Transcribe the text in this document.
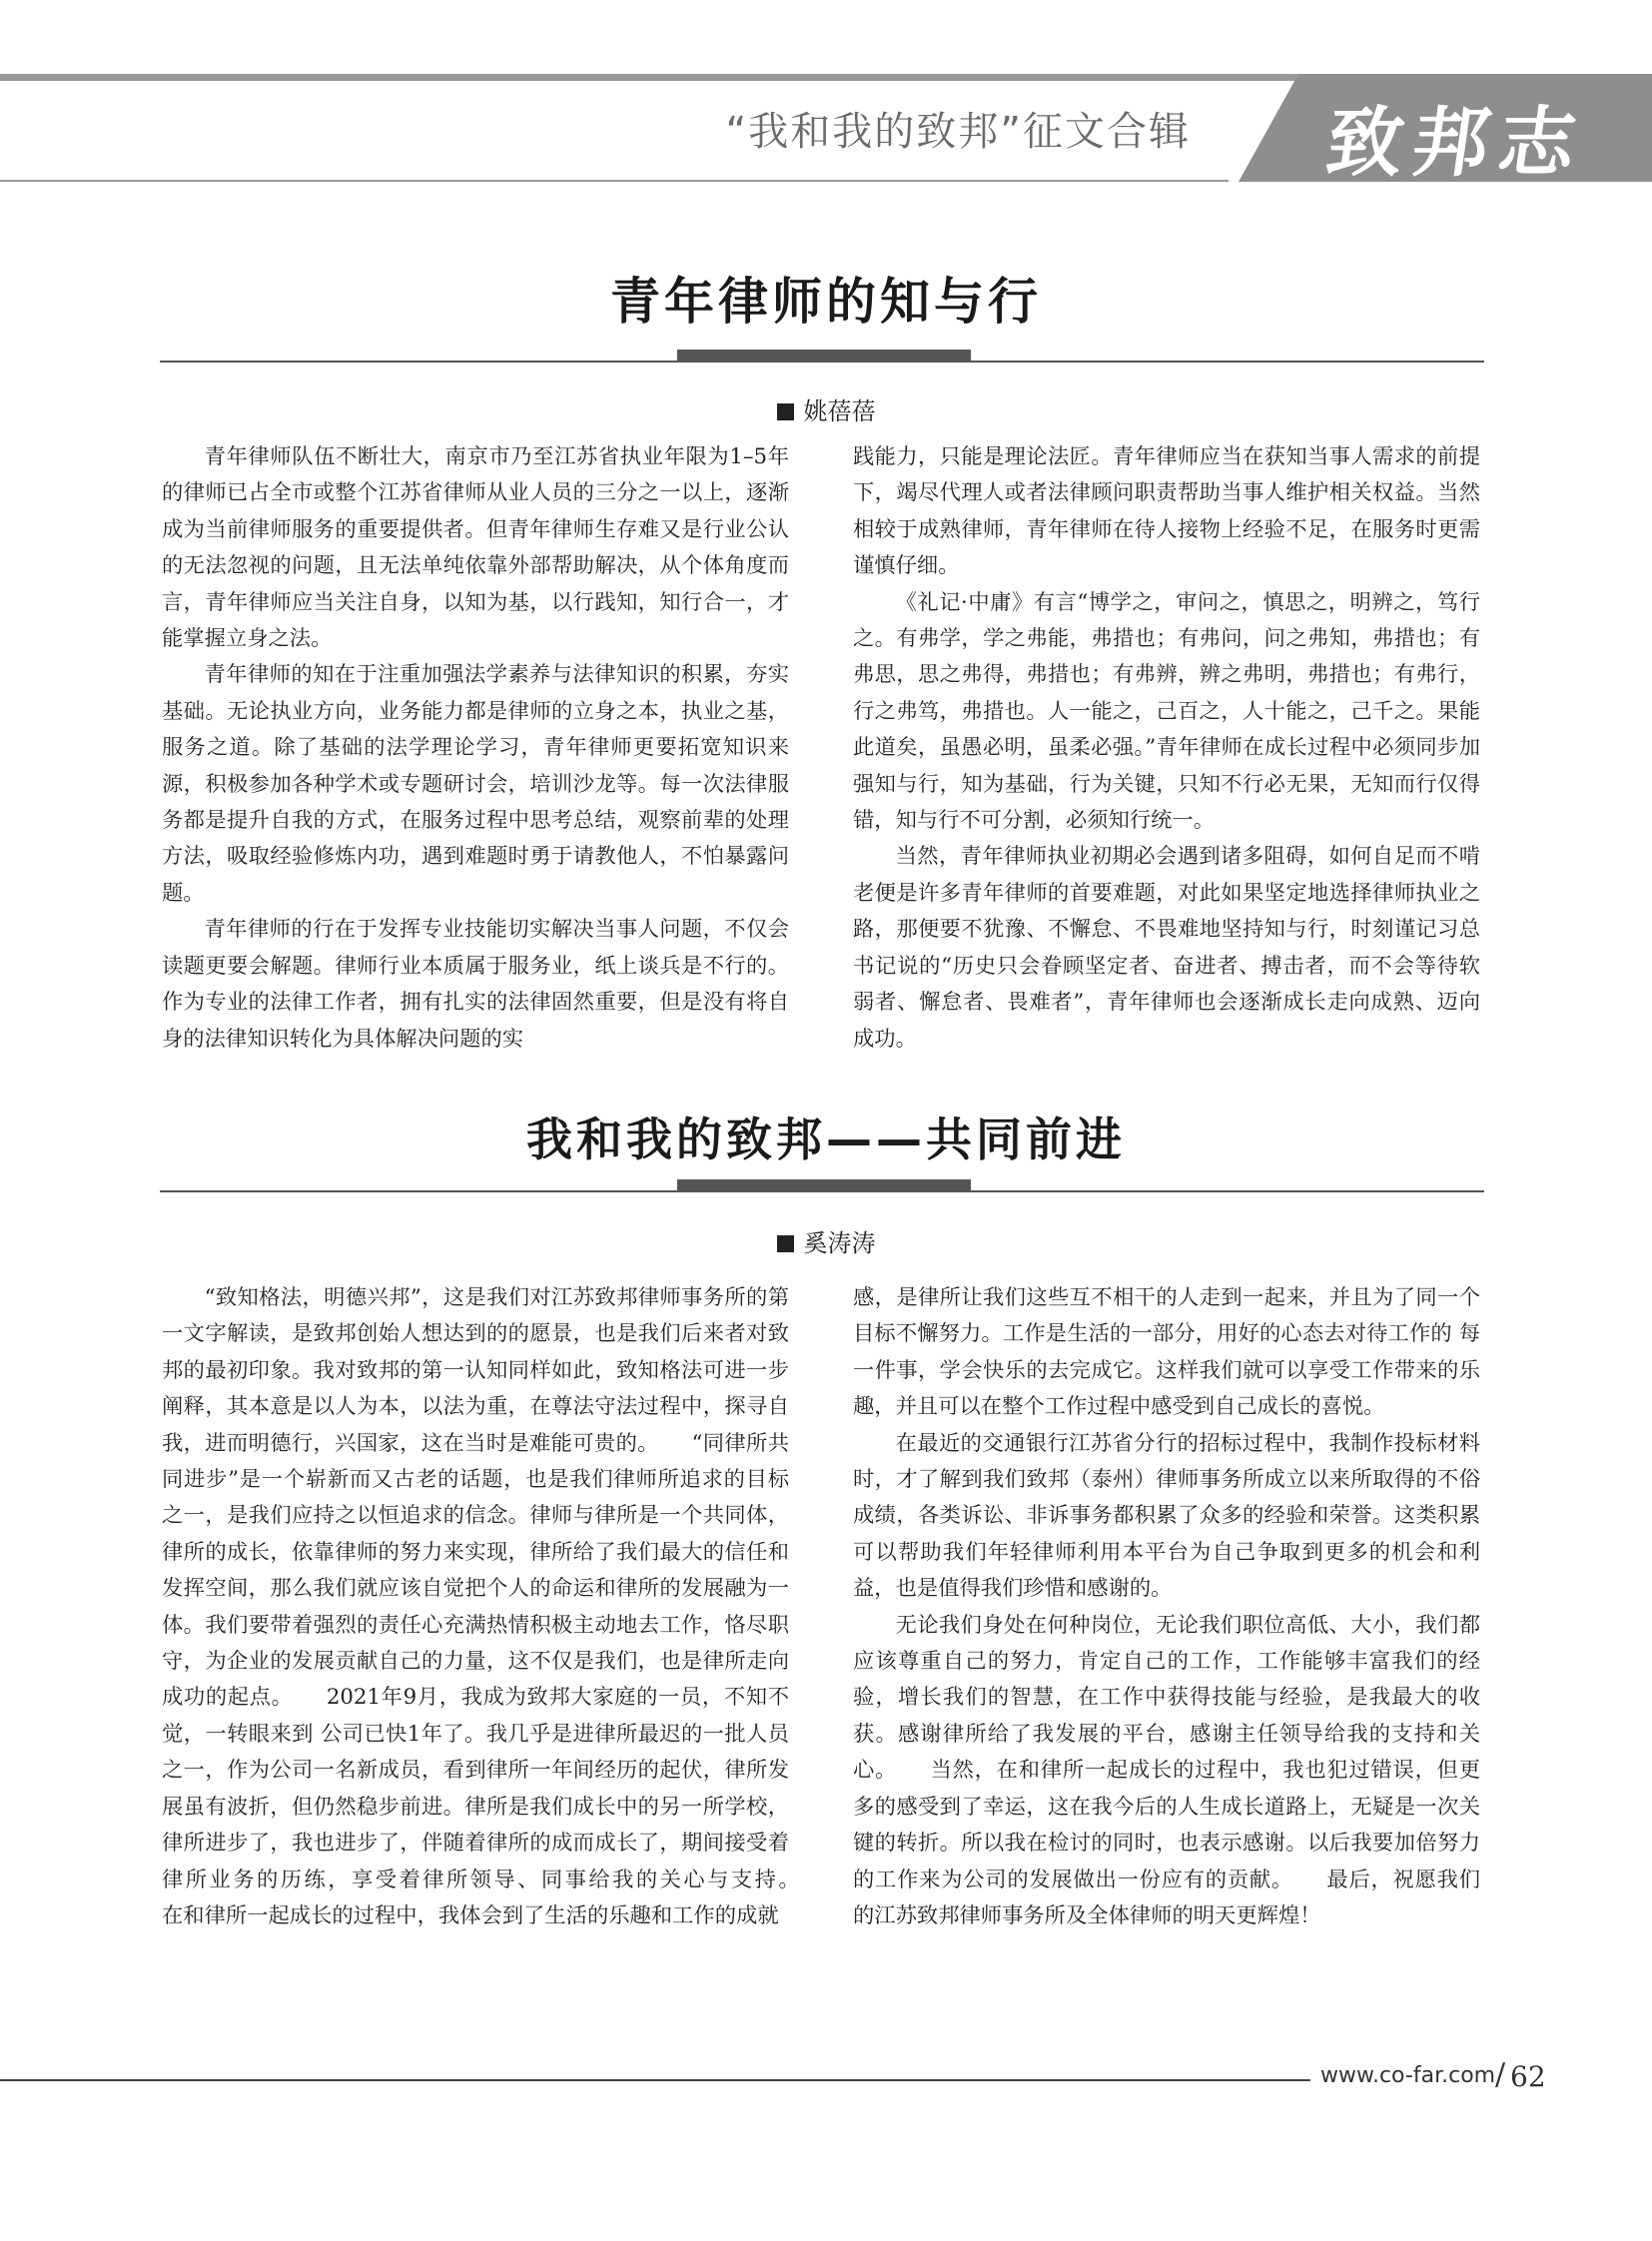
“我和我的致邦”征文合辑 致邦志
青年律师的知与行
姚蓓蓓

青年律师队伍不断壮大，南京市乃至江苏省执业年限为1–5年的律师已占全市或整个江苏省律师从业人员的三分之一以上，逐渐成为当前律师服务的重要提供者。但青年律师生存难又是行业公认的无法忽视的问题，且无法单纯依靠外部帮助解决，从个体角度而言，青年律师应当关注自身，以知为基，以行践知，知行合一，才能掌握立身之法。

青年律师的知在于注重加强法学素养与法律知识的积累，夯实基础。无论执业方向，业务能力都是律师的立身之本，执业之基，服务之道。除了基础的法学理论学习，青年律师更要拓宽知识来源，积极参加各种学术或专题研讨会，培训沙龙等。每一次法律服务都是提升自我的方式，在服务过程中思考总结，观察前辈的处理方法，吸取经验修炼内功，遇到难题时勇于请教他人，不怕暴露问题。

青年律师的行在于发挥专业技能切实解决当事人问题，不仅会读题更要会解题。律师行业本质属于服务业，纸上谈兵是不行的。作为专业的法律工作者，拥有扎实的法律固然重要，但是没有将自身的法律知识转化为具体解决问题的实

践能力，只能是理论法匠。青年律师应当在获知当事人需求的前提下，竭尽代理人或者法律顾问职责帮助当事人维护相关权益。当然相较于成熟律师，青年律师在待人接物上经验不足，在服务时更需谨慎仔细。

《礼记·中庸》有言“博学之，审问之，慎思之，明辨之，笃行之。有弗学，学之弗能，弗措也；有弗问，问之弗知，弗措也；有弗思，思之弗得，弗措也；有弗辨，辨之弗明，弗措也；有弗行，行之弗笃，弗措也。人一能之，己百之，人十能之，己千之。果能此道矣，虽愚必明，虽柔必强。”青年律师在成长过程中必须同步加强知与行，知为基础，行为关键，只知不行必无果，无知而行仅得错，知与行不可分割，必须知行统一。

当然，青年律师执业初期必会遇到诸多阻碍，如何自足而不啃老便是许多青年律师的首要难题，对此如果坚定地选择律师执业之路，那便要不犹豫、不懈怠、不畏难地坚持知与行，时刻谨记习总书记说的“历史只会眷顾坚定者、奋进者、搏击者，而不会等待软弱者、懈怠者、畏难者”，青年律师也会逐渐成长走向成熟、迈向成功。

我和我的致邦——共同前进
奚涛涛

“致知格法，明德兴邦”，这是我们对江苏致邦律师事务所的第一文字解读，是致邦创始人想达到的的愿景，也是我们后来者对致邦的最初印象。我对致邦的第一认知同样如此，致知格法可进一步阐释，其本意是以人为本，以法为重，在尊法守法过程中，探寻自我，进而明德行，兴国家，这在当时是难能可贵的。　　“同律所共同进步”是一个崭新而又古老的话题，也是我们律师所追求的目标之一，是我们应持之以恒追求的信念。律师与律所是一个共同体，律所的成长，依靠律师的努力来实现，律所给了我们最大的信任和发挥空间，那么我们就应该自觉把个人的命运和律所的发展融为一体。我们要带着强烈的责任心充满热情积极主动地去工作，恪尽职守，为企业的发展贡献自己的力量，这不仅是我们，也是律所走向成功的起点。　　2021年9月，我成为致邦大家庭的一员，不知不觉，一转眼来到 公司已快1年了。我几乎是进律所最迟的一批人员之一，作为公司一名新成员，看到律所一年间经历的起伏，律所发展虽有波折，但仍然稳步前进。律所是我们成长中的另一所学校，律所进步了，我也进步了，伴随着律所的成而成长了，期间接受着律所业务的历练，享受着律所领导、同事给我的关心与支持。　　在和律所一起成长的过程中，我体会到了生活的乐趣和工作的成就

感，是律所让我们这些互不相干的人走到一起来，并且为了同一个目标不懈努力。工作是生活的一部分，用好的心态去对待工作的 每一件事，学会快乐的去完成它。这样我们就可以享受工作带来的乐趣，并且可以在整个工作过程中感受到自己成长的喜悦。

在最近的交通银行江苏省分行的招标过程中，我制作投标材料时，才了解到我们致邦（泰州）律师事务所成立以来所取得的不俗成绩，各类诉讼、非诉事务都积累了众多的经验和荣誉。这类积累可以帮助我们年轻律师利用本平台为自己争取到更多的机会和利益，也是值得我们珍惜和感谢的。

无论我们身处在何种岗位，无论我们职位高低、大小，我们都应该尊重自己的努力，肯定自己的工作，工作能够丰富我们的经验，增长我们的智慧，在工作中获得技能与经验，是我最大的收获。感谢律所给了我发展的平台，感谢主任领导给我的支持和关心。　　当然，在和律所一起成长的过程中，我也犯过错误，但更多的感受到了幸运，这在我今后的人生成长道路上，无疑是一次关键的转折。所以我在检讨的同时，也表示感谢。以后我要加倍努力的工作来为公司的发展做出一份应有的贡献。　　最后，祝愿我们的江苏致邦律师事务所及全体律师的明天更辉煌！

www.co-far.com / 62
